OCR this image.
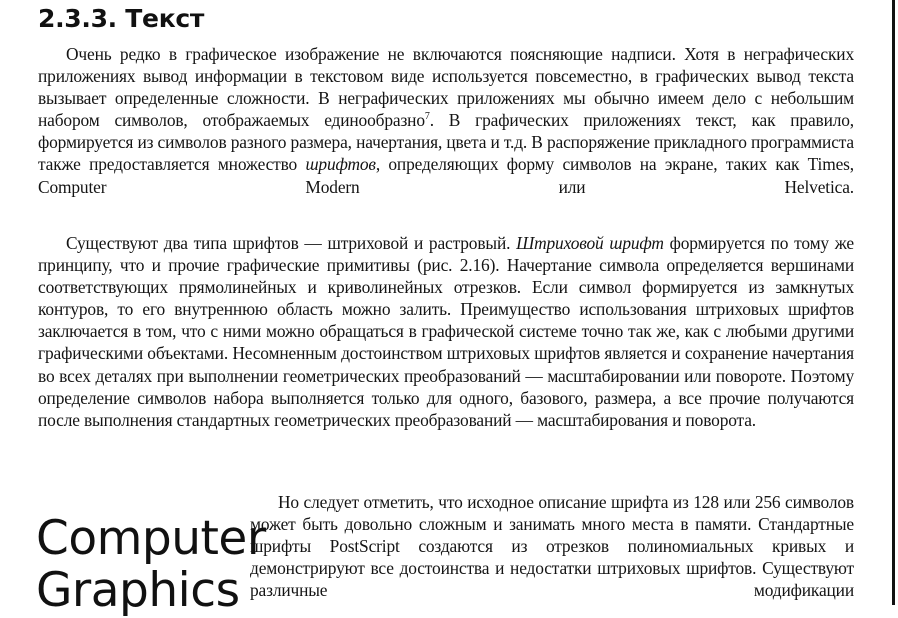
2.3.3. Текст

Очень редко в графическое изображение не включаются поясняющие надписи. Хотя в неграфических приложениях вывод информации в текстовом виде используется повсеместно, в графических вывод текста вызывает определенные сложности. В неграфических приложениях мы обычно имеем дело с небольшим набором символов, отображаемых единообразно$^7$. В графических приложениях текст, как правило, формируется из символов разного размера, начертания, цвета и т.д. В распоряжение прикладного программиста также предоставляется множество шрифтов, определяющих форму символов на экране, таких как Times, Computer Modern или Helvetica.

Существуют два типа шрифтов — штриховой и растровый. Штриховой шрифт формируется по тому же принципу, что и прочие графические примитивы (рис. 2.16). Начертание символа определяется вершинами соответствующих прямолинейных и криволинейных отрезков. Если символ формируется из замкнутых контуров, то его внутреннюю область можно залить. Преимущество использования штриховых шрифтов заключается в том, что с ними можно обращаться в графической системе точно так же, как с любыми другими графическими объектами. Несомненным достоинством штриховых шрифтов является и сохранение начертания во всех деталях при выполнении геометрических преобразований — масштабировании или повороте. Поэтому определение символов набора выполняется только для одного, базового, размера, а все прочие получаются после выполнения стандартных геометрических преобразований — масштабирования и поворота.

Computer
Graphics

Но следует отметить, что исходное описание шрифта из 128 или 256 символов может быть довольно сложным и занимать много места в памяти. Стандартные шрифты PostScript создаются из отрезков полиномиальных кривых и демонстрируют все достоинства и недостатки штриховых шрифтов. Существуют различные модификации
